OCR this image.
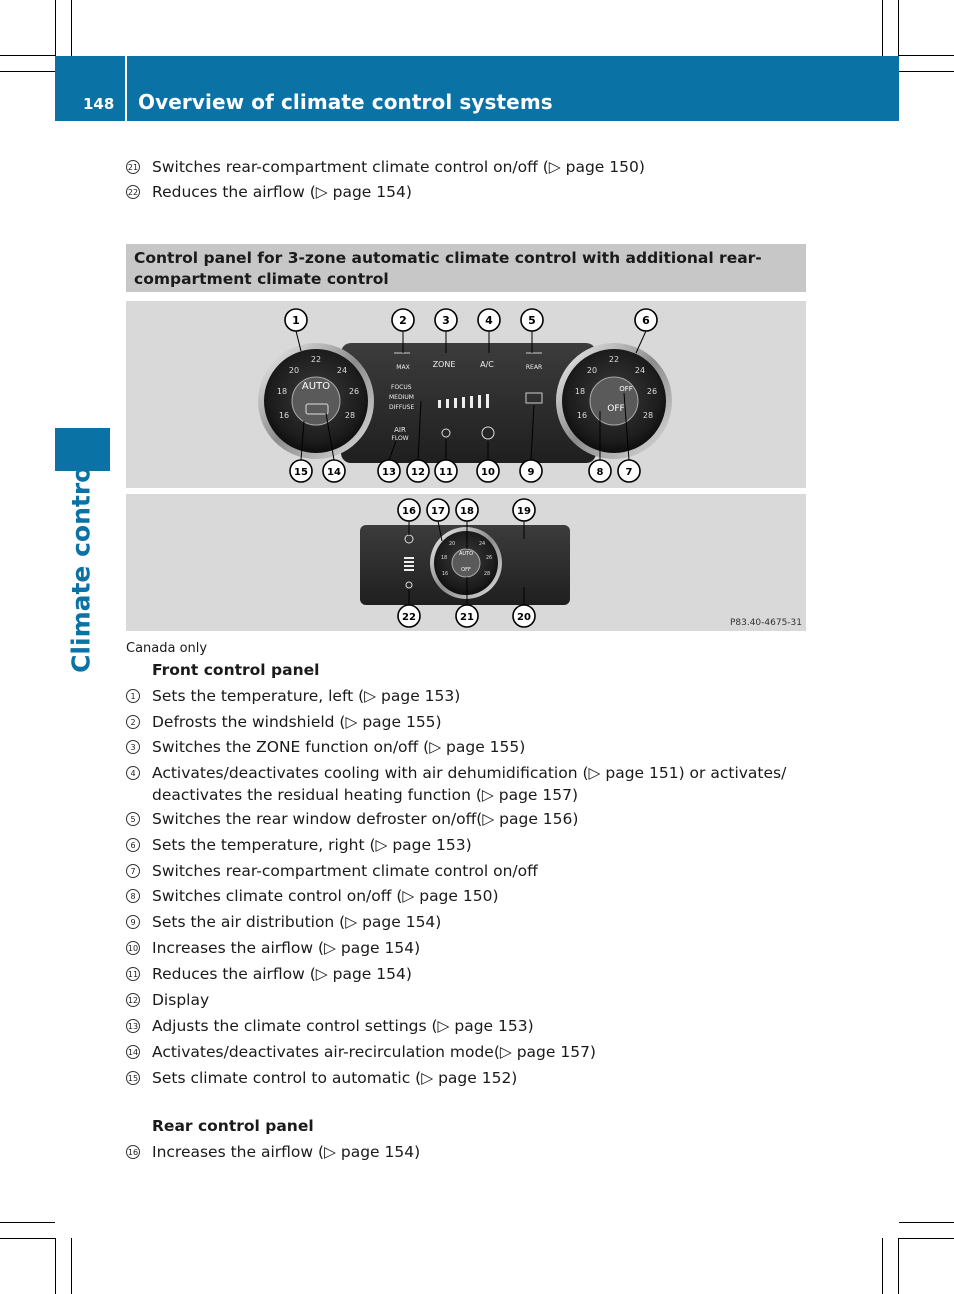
148 Overview of climate control systems
Climate control
21 Switches rear-compartment climate control on/off (▷ page 150)
22 Reduces the airflow (▷ page 154)
Control panel for 3-zone automatic climate control with additional rear-
compartment climate control
AUTO
22
20	24
18	26
16	28
OFF
OFF
22
20	24
18	26
16	28
MAX	ZONE	A/C	REAR
FOCUS
MEDIUM
DIFFUSE
AIR
FLOW
AUTO
OFF
20	24
18	26
16	28
P83.40-4675-31
1	2	3	4	5	6
15 14	13 12 11	10	9	8 7
16 17 18	19
22	21	20
Canada only
Front control panel
1 Sets the temperature, left (▷ page 153)
2 Defrosts the windshield (▷ page 155)
3 Switches the ZONE function on/off (▷ page 155)
4 Activates/deactivates cooling with air dehumidification (▷ page 151) or activates/
deactivates the residual heating function (▷ page 157)
5 Switches the rear window defroster on/off(▷ page 156)
6 Sets the temperature, right (▷ page 153)
7 Switches rear-compartment climate control on/off
8 Switches climate control on/off (▷ page 150)
9 Sets the air distribution (▷ page 154)
10 Increases the airflow (▷ page 154)
11 Reduces the airflow (▷ page 154)
12 Display
13 Adjusts the climate control settings (▷ page 153)
14 Activates/deactivates air-recirculation mode(▷ page 157)
15 Sets climate control to automatic (▷ page 152)
Rear control panel
16 Increases the airflow (▷ page 154)
